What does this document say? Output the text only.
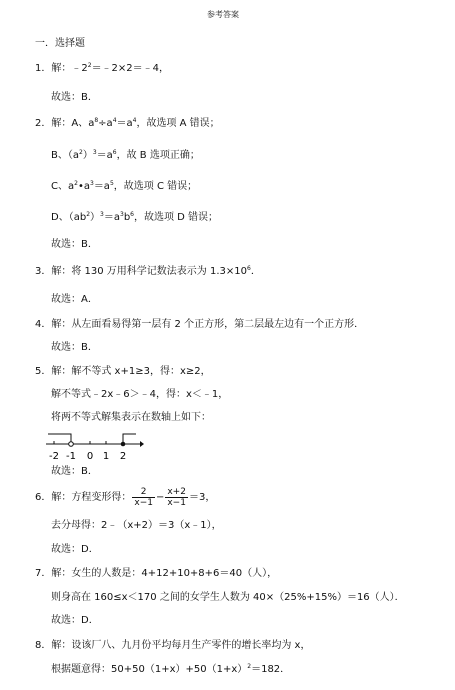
参考答案
一．选择题
1．解：$﹣2^2=﹣2\times 2=﹣4$，
故选：B．
2．解：A、$a^8\div a^4=a^4$，故选项 A 错误；
B、$(a^2)^3=a^6$，故 B 选项正确；
C、$a^2•a^3=a^5$，故选项 C 错误；
D、$(ab^2)^3=a^3b^6$，故选项 D 错误；
故选：B．
3．解：将 130 万用科学记数法表示为 $1.3\times 10^6$．
故选：A．
4．解：从左面看易得第一层有 2 个正方形，第二层最左边有一个正方形．
故选：B．
5．解：解不等式 x+1≥3，得：x≥2，
解不等式﹣2x﹣6＞﹣4，得：x＜﹣1，
将两不等式解集表示在数轴上如下：
-2 -1 0 1 2
故选：B．
6．解：方程变形得： $\frac{2}{x-1} - \frac{x+2}{x-1} =3$，
去分母得：2﹣（x+2）＝3（x﹣1），
故选：D．
7．解：女生的人数是：4+12+10+8+6＝40（人），
则身高在 160≤x＜170 之间的女学生人数为 40×（25%+15%）＝16（人）．
故选：D．
8．解：设该厂八、九月份平均每月生产零件的增长率均为 x，
根据题意得：$50+50(1+x)+50(1+x)^2=182$．
